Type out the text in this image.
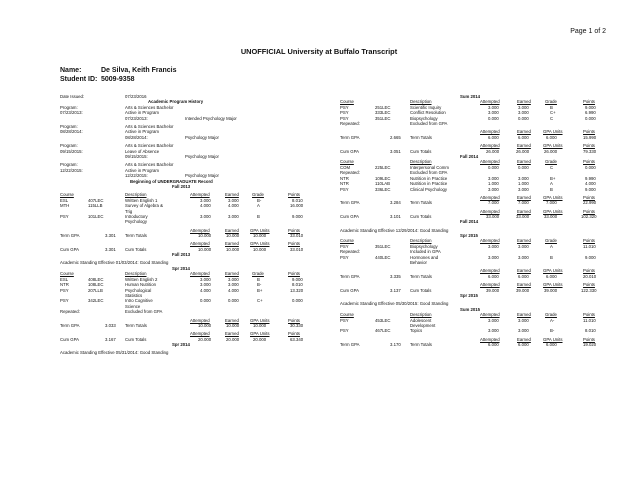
Page 1 of 2
UNOFFICIAL University at Buffalo Transcript
Name:	De Silva, Keith Francis
Student ID: 5009-9358
Date Issued:	07/23/2016
Academic Program History
Program:	Arts & Sciences Bachelor
07/23/2013:	Active in Program
07/23/2013:	Intended Psychology Major
Program:	Arts & Sciences Bachelor
08/28/2014:	Active in Program
08/28/2014:	Psychology Major
Program:	Arts & Sciences Bachelor
09/15/2015:	Leave of Absence
09/15/2015:	Psychology Major
Program:	Arts & Sciences Bachelor
12/22/2015:	Active in Program
12/22/2015:	Psychology Major
Beginning of UNDERGRADUATE Record
Fall 2013
Course	Description	Attempted	Earned	Grade	Points
ESL	407LEC	Written English 1	3.000	3.000	B-	8.010
MTH	115LLB	Survey of Algebra &	4.000	4.000	A	16.000
Trig
PSY	101LEC	Introductory	3.000	3.000	B	9.000
Psychology
Attempted	Earned	GPA Units	Points
Term GPA	3.301 Term Totals	10.000	10.000	10.000	33.010
Attempted	Earned	GPA Units	Points
Cum GPA	3.301 Cum Totals	10.000	10.000	10.000	33.010
Fall 2013
Academic Standing Effective 01/03/2014: Good Standing
Spr 2014
Course	Description	Attempted	Earned	Grade	Points
ESL	408LEC	Written English 2	3.000	3.000	B	9.000
NTR	108LEC	Human Nutrition	3.000	3.000	B-	8.010
PSY	207LLB	Psychological	4.000	4.000	B+	13.320
Statistics
PSY	342LEC	Intro Cognitive	0.000	0.000	C+	0.000
Science
Repeated:	Excluded from GPA
Attempted	Earned	GPA Units	Points
Term GPA	3.033 Term Totals	10.000	10.000	10.000	30.330
Attempted	Earned	GPA Units	Points
Cum GPA	3.167 Cum Totals	20.000	20.000	20.000	63.340
Spr 2014
Academic Standing Effective 05/31/2014: Good Standing
Sum 2014
Course	Description	Attempted	Earned	Grade	Points
PSY	251LEC	Scientific Inquiry	3.000	3.000	B	9.000
PSY	333LEC	Conflict Resolution	3.000	3.000	C+	6.990
PSY	351LEC	Biopsychology	0.000	0.000	C	0.000
Repeated:	Excluded from GPA
Attempted	Earned	GPA Units	Points
Term GPA	2.665 Term Totals	6.000	6.000	6.000	15.990
Attempted	Earned	GPA Units	Points
Cum GPA	3.051 Cum Totals	26.000	26.000	26.000	79.330
Fall 2014
Course	Description	Attempted	Earned	Grade	Points
COM	225LEC	Interpersonal Comm	0.000	0.000	C	0.000
Repeated:	Excluded from GPA
NTR	109LEC	Nutrition in Practice	3.000	3.000	B+	9.990
NTR	110LAB	Nutrition in Practice	1.000	1.000	A	4.000
PSY	336LEC	Clinical Psychology	3.000	3.000	B	9.000
Attempted	Earned	GPA Units	Points
Term GPA	3.284 Term Totals	7.000	7.000	7.000	22.990
Attempted	Earned	GPA Units	Points
Cum GPA	3.101 Cum Totals	33.000	33.000	33.000	102.320
Fall 2014
Academic Standing Effective 12/29/2014: Good Standing
Spr 2015
Course	Description	Attempted	Earned	Grade	Points
PSY	351LEC	Biopsychology	3.000	3.000	A	11.010
Repeated:	Included in GPA
PSY	440LEC	Hormones and	3.000	3.000	B	9.000
Behavior
Attempted	Earned	GPA Units	Points
Term GPA	3.335 Term Totals	6.000	6.000	6.000	20.010
Attempted	Earned	GPA Units	Points
Cum GPA	3.137 Cum Totals	39.000	39.000	39.000	122.330
Spr 2015
Academic Standing Effective 05/30/2015: Good Standing
Sum 2015
Course	Description	Attempted	Earned	Grade	Points
PSY	453LEC	Adolescent	3.000	3.000	A-	11.010
Development
PSY	467LEC	Topics	3.000	3.000	B-	8.010
Attempted	Earned	GPA Units	Points
Term GPA	3.170 Term Totals	6.000	6.000	6.000	19.020
